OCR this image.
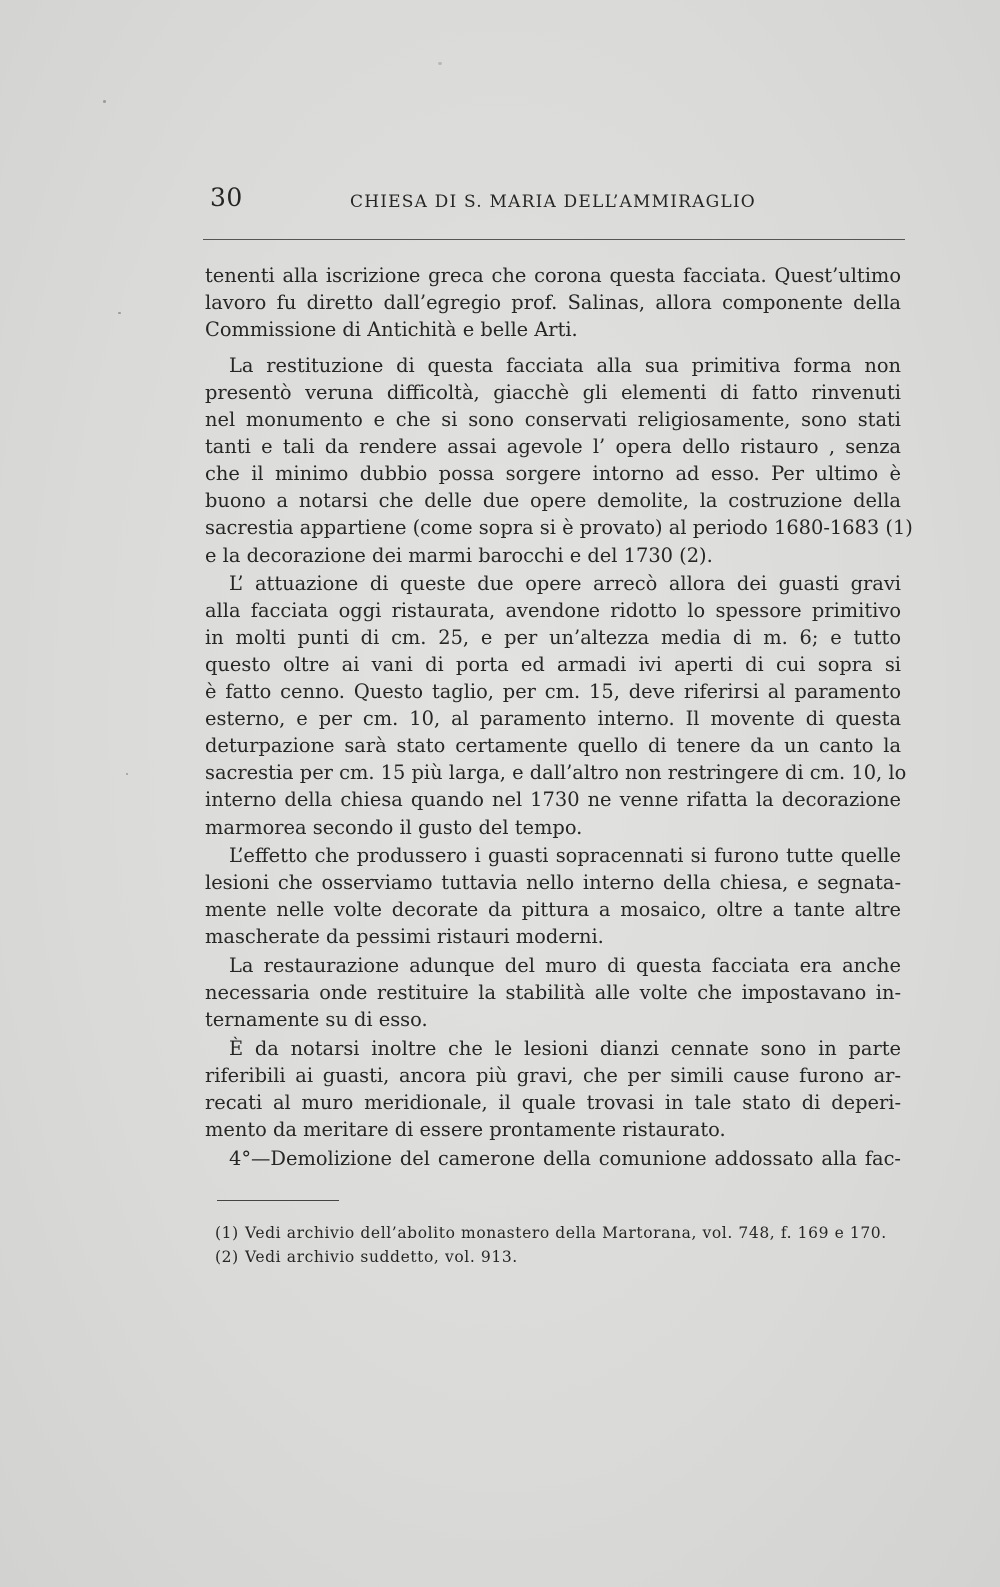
30	CHIESA DI S. MARIA DELL’AMMIRAGLIO
tenenti alla iscrizione greca che corona questa facciata. Quest’ultimo
lavoro fu diretto dall’egregio prof. Salinas, allora componente della
Commissione di Antichità e belle Arti.
La restituzione di questa facciata alla sua primitiva forma non
presentò veruna difficoltà, giacchè gli elementi di fatto rinvenuti
nel monumento e che si sono conservati religiosamente, sono stati
tanti e tali da rendere assai agevole l’ opera dello ristauro , senza
che il minimo dubbio possa sorgere intorno ad esso. Per ultimo è
buono a notarsi che delle due opere demolite, la costruzione della
sacrestia appartiene (come sopra si è provato) al periodo 1680-1683 (1)
e la decorazione dei marmi barocchi e del 1730 (2).
L’ attuazione di queste due opere arrecò allora dei guasti gravi
alla facciata oggi ristaurata, avendone ridotto lo spessore primitivo
in molti punti di cm. 25, e per un’altezza media di m. 6; e tutto
questo oltre ai vani di porta ed armadi ivi aperti di cui sopra si
è fatto cenno. Questo taglio, per cm. 15, deve riferirsi al paramento
esterno, e per cm. 10, al paramento interno. Il movente di questa
deturpazione sarà stato certamente quello di tenere da un canto la
sacrestia per cm. 15 più larga, e dall’altro non restringere di cm. 10, lo
interno della chiesa quando nel 1730 ne venne rifatta la decorazione
marmorea secondo il gusto del tempo.
L’effetto che produssero i guasti sopracennati si furono tutte quelle
lesioni che osserviamo tuttavia nello interno della chiesa, e segnata-
mente nelle volte decorate da pittura a mosaico, oltre a tante altre
mascherate da pessimi ristauri moderni.
La restaurazione adunque del muro di questa facciata era anche
necessaria onde restituire la stabilità alle volte che impostavano in-
ternamente su di esso.
È da notarsi inoltre che le lesioni dianzi cennate sono in parte
riferibili ai guasti, ancora più gravi, che per simili cause furono ar-
recati al muro meridionale, il quale trovasi in tale stato di deperi-
mento da meritare di essere prontamente ristaurato.
4°—Demolizione del camerone della comunione addossato alla fac-
(1) Vedi archivio dell’abolito monastero della Martorana, vol. 748, f. 169 e 170.
(2) Vedi archivio suddetto, vol. 913.
